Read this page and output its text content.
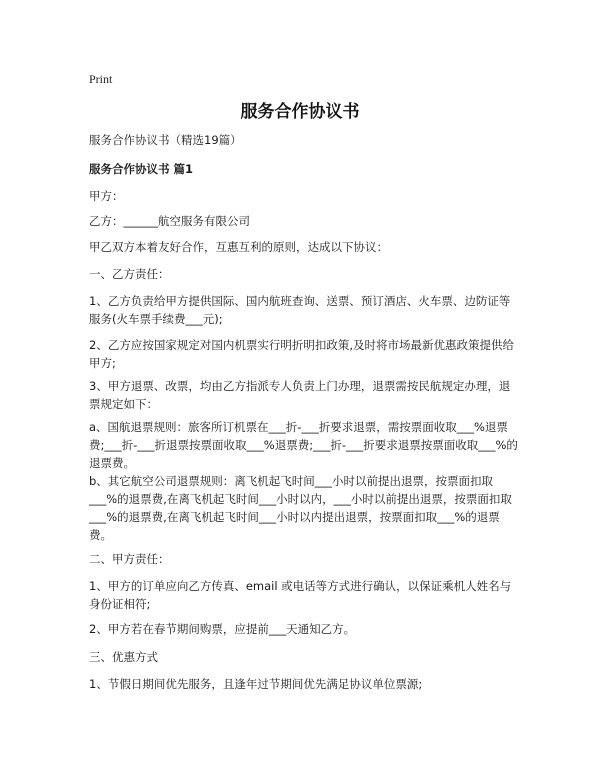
Print
服务合作协议书

服务合作协议书（精选19篇）

服务合作协议书 篇1

甲方：

乙方：______航空服务有限公司

甲乙双方本着友好合作，互惠互利的原则，达成以下协议：

一、乙方责任：

1、乙方负责给甲方提供国际、国内航班查询、送票、预订酒店、火车票、边防证等服务(火车票手续费___元);

2、乙方应按国家规定对国内机票实行明折明扣政策,及时将市场最新优惠政策提供给甲方;

3、甲方退票、改票，均由乙方指派专人负责上门办理，退票需按民航规定办理，退票规定如下：

a、国航退票规则：旅客所订机票在___折-___折要求退票，需按票面收取___%退票费;___折-___折退票按票面收取___%退票费;___折-___折要求退票按票面收取___%的退票费。

b、其它航空公司退票规则：离飞机起飞时间___小时以前提出退票，按票面扣取___%的退票费,在离飞机起飞时间___小时以内，___小时以前提出退票，按票面扣取___%的退票费,在离飞机起飞时间___小时以内提出退票，按票面扣取___%的退票费。

二、甲方责任：

1、甲方的订单应向乙方传真、email 或电话等方式进行确认，以保证乘机人姓名与身份证相符;

2、甲方若在春节期间购票，应提前___天通知乙方。

三、优惠方式

1、节假日期间优先服务，且逢年过节期间优先满足协议单位票源;
